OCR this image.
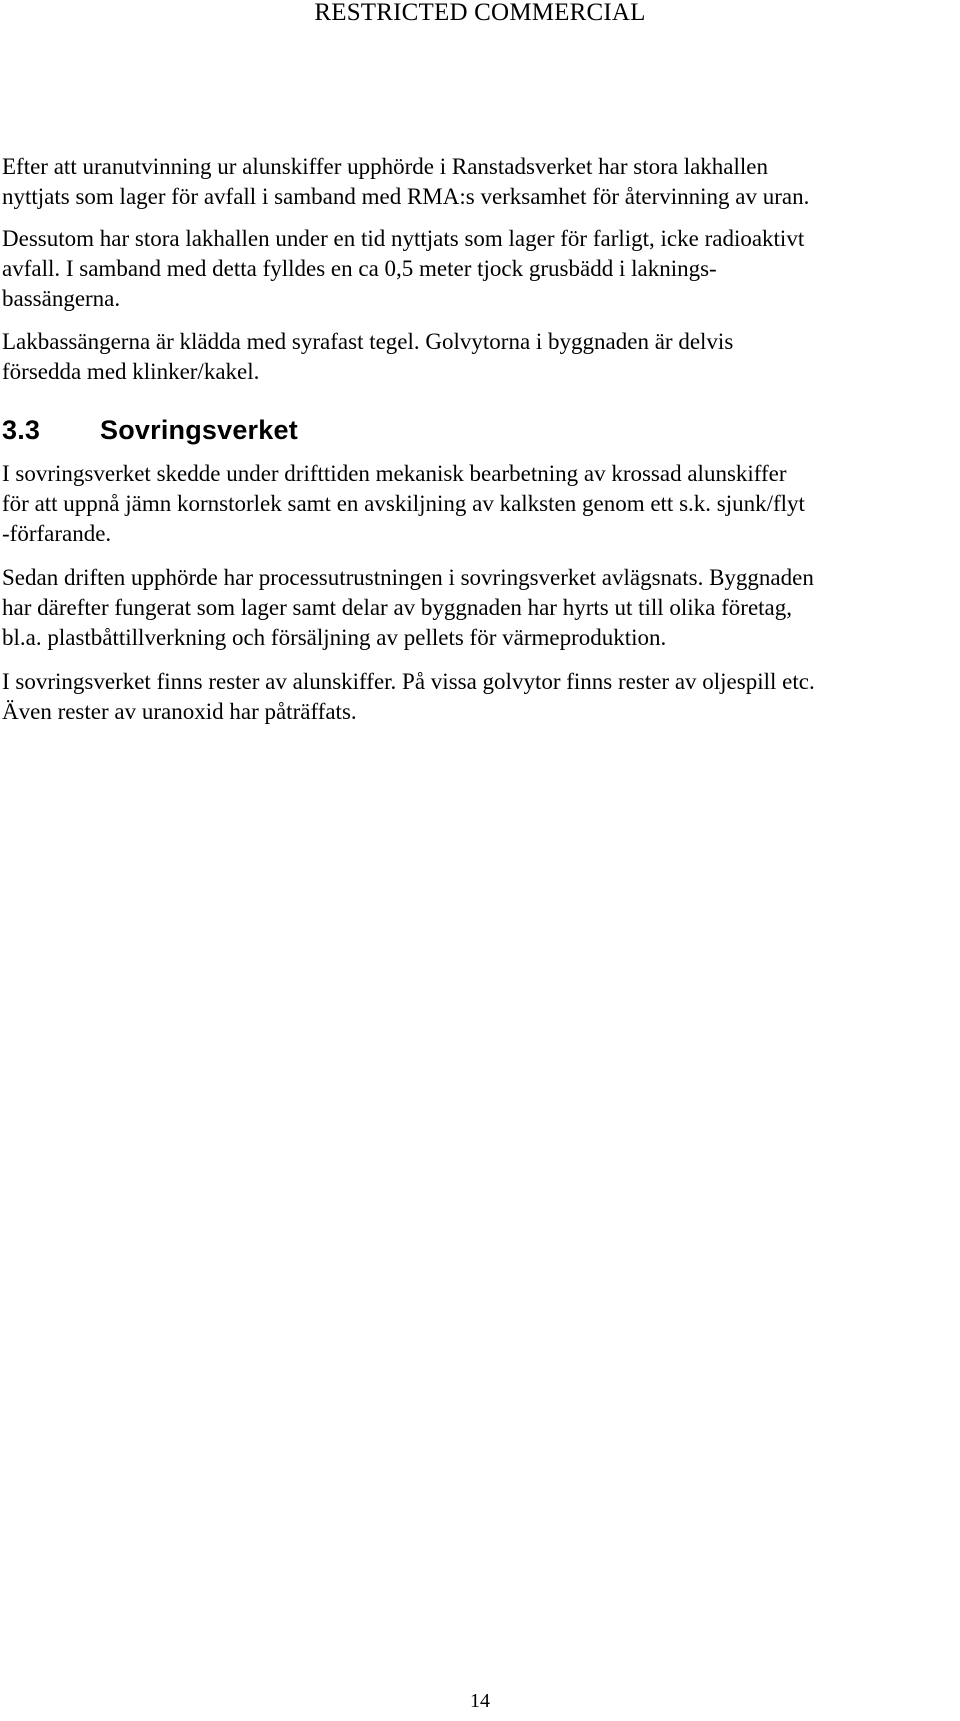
RESTRICTED COMMERCIAL

Efter att uranutvinning ur alunskiffer upphörde i Ranstadsverket har stora lakhallen
nyttjats som lager för avfall i samband med RMA:s verksamhet för återvinning av uran.

Dessutom har stora lakhallen under en tid nyttjats som lager för farligt, icke radioaktivt
avfall. I samband med detta fylldes en ca 0,5 meter tjock grusbädd i laknings-
bassängerna.

Lakbassängerna är klädda med syrafast tegel. Golvytorna i byggnaden är delvis
försedda med klinker/kakel.

3.3 Sovringsverket

I sovringsverket skedde under drifttiden mekanisk bearbetning av krossad alunskiffer
för att uppnå jämn kornstorlek samt en avskiljning av kalksten genom ett s.k. sjunk/flyt
-förfarande.

Sedan driften upphörde har processutrustningen i sovringsverket avlägsnats. Byggnaden
har därefter fungerat som lager samt delar av byggnaden har hyrts ut till olika företag,
bl.a. plastbåttillverkning och försäljning av pellets för värmeproduktion.

I sovringsverket finns rester av alunskiffer. På vissa golvytor finns rester av oljespill etc.
Även rester av uranoxid har påträffats.

14
